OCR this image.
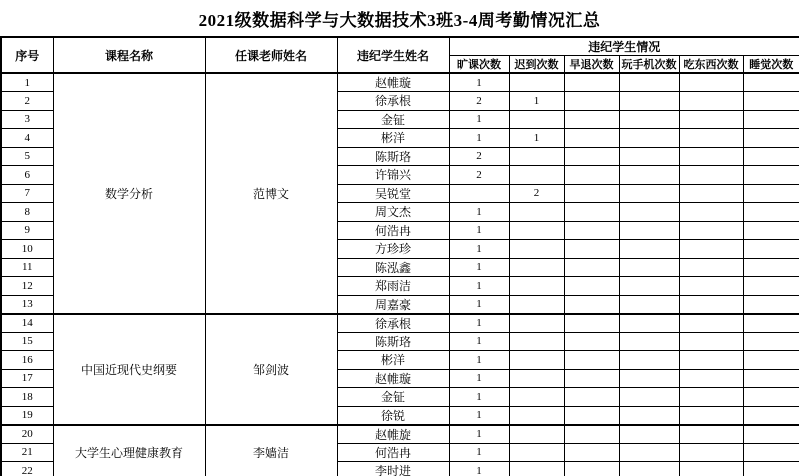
2021级数据科学与大数据技术3班3-4周考勤情况汇总
序号	课程名称	任课老师姓名	违纪学生姓名	违纪学生情况					
				旷课次数	迟到次数	早退次数	玩手机次数	吃东西次数	睡觉次数
1	数学分析	范博文	赵帷璇	1					
2			徐承根	2	1				
3			金钲	1					
4			彬洋	1	1				
5			陈斯珞	2					
6			许锦兴	2					
7			吴锐堂		2				
8			周文杰	1					
9			何浩冉	1					
10			方珍珍	1					
11			陈泓鑫	1					
12			郑雨洁	1					
13			周嘉豪	1					
14	中国近现代史纲要	邹剑波	徐承根	1					
15			陈斯珞	1					
16			彬洋	1					
17			赵帷璇	1					
18			金钲	1					
19			徐锐	1					
20	大学生心理健康教育	李嫱洁	赵帷旋	1					
21			何浩冉	1					
22			李时进	1					
